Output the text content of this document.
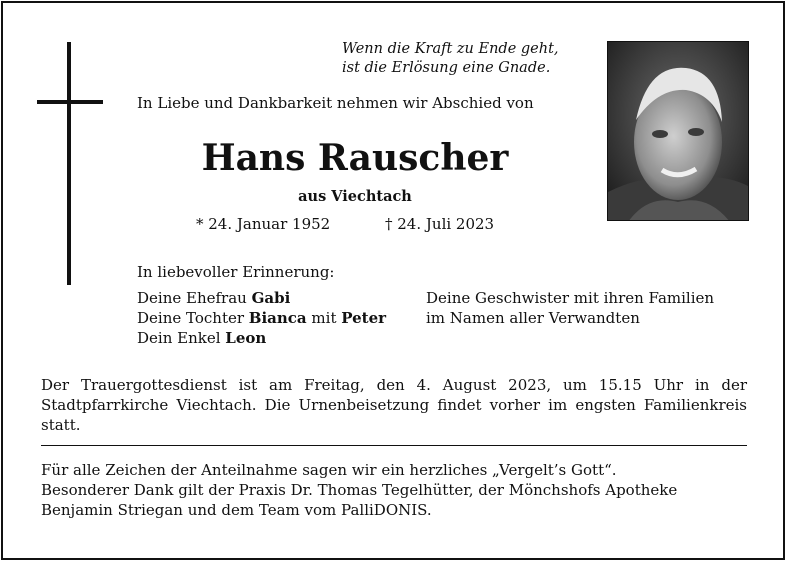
Wenn die Kraft zu Ende geht,
ist die Erlösung eine Gnade.
In Liebe und Dankbarkeit nehmen wir Abschied von
Hans Rauscher
aus Viechtach
* 24. Januar 1952	† 24. Juli 2023
In liebevoller Erinnerung:
Deine Ehefrau Gabi
Deine Tochter Bianca mit Peter
Dein Enkel Leon
Deine Geschwister mit ihren Familien
im Namen aller Verwandten
Der Trauergottesdienst ist am Freitag, den 4. August 2023, um 15.15 Uhr in der Stadtpfarrkirche Viechtach. Die Urnenbeisetzung findet vorher im engsten Familienkreis statt.
Für alle Zeichen der Anteilnahme sagen wir ein herzliches „Vergelt’s Gott“.
Besonderer Dank gilt der Praxis Dr. Thomas Tegelhütter, der Mönchshofs Apotheke
Benjamin Striegan und dem Team vom PalliDONIS.
